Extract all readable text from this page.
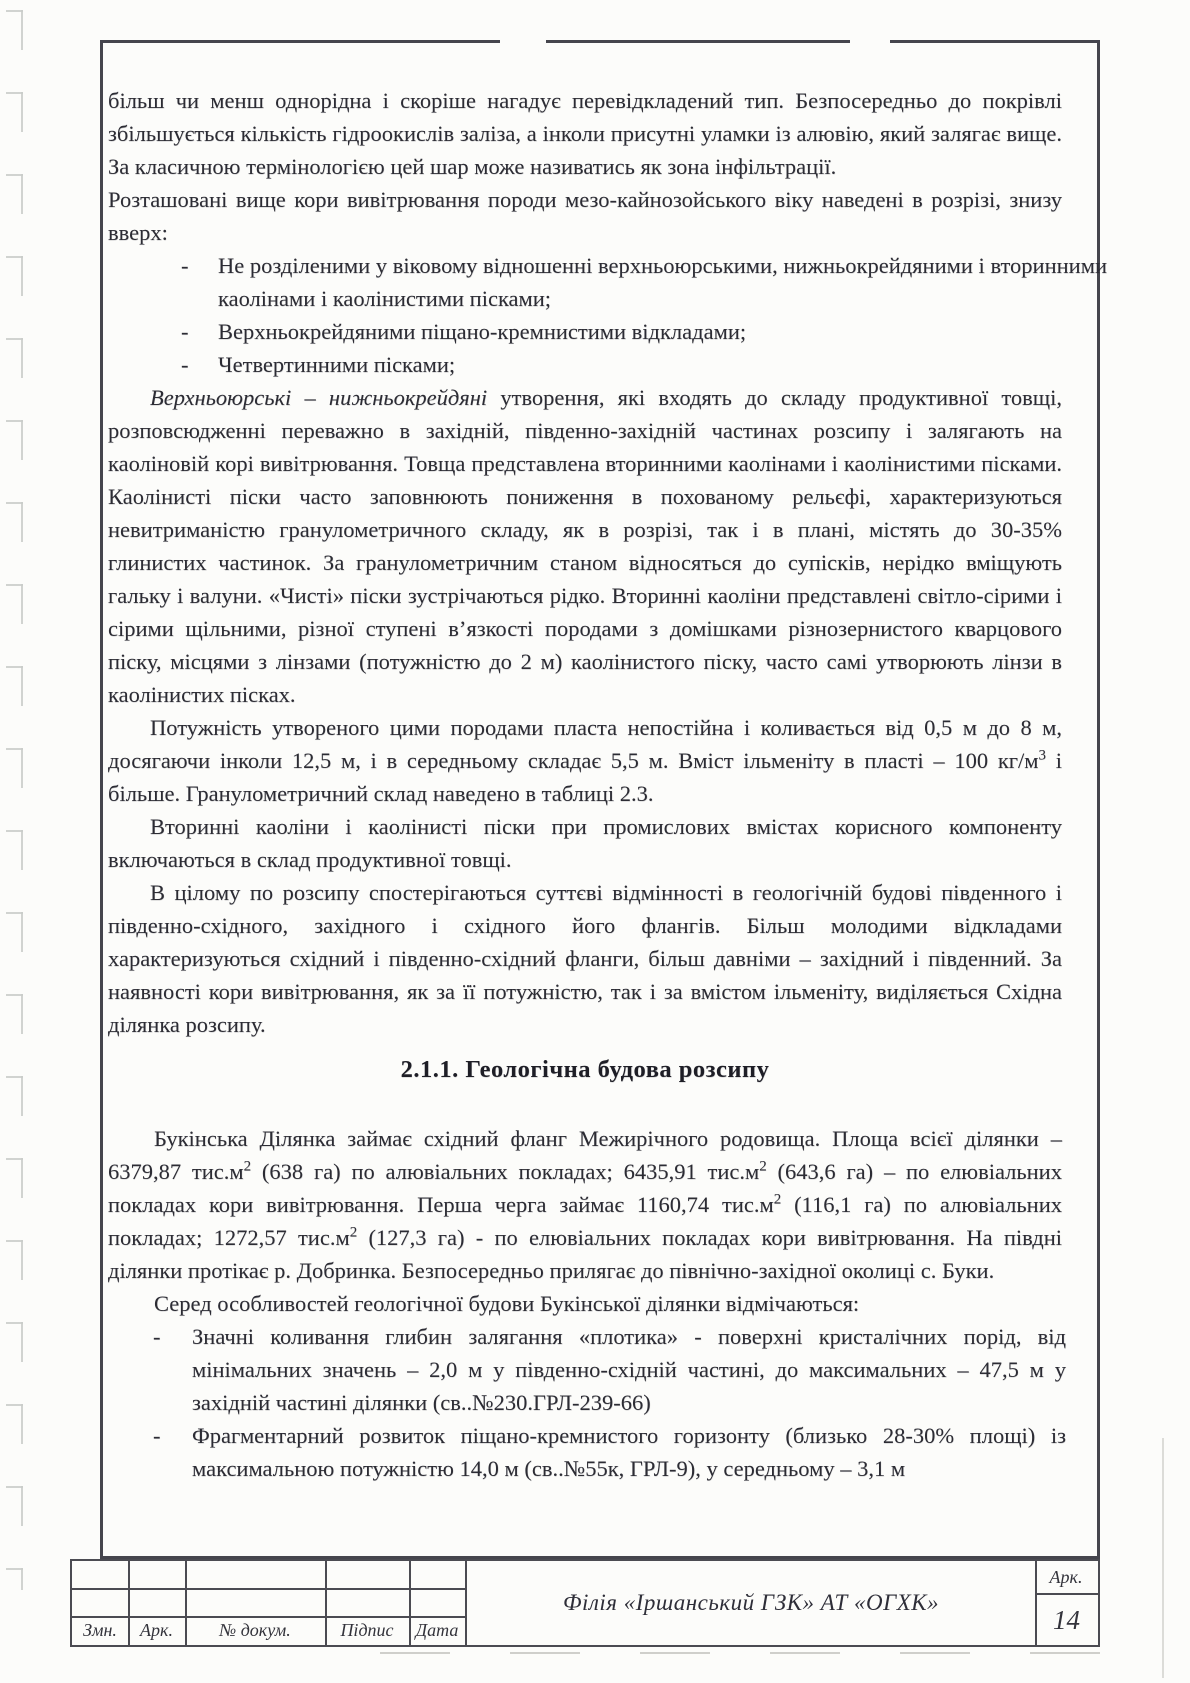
більш чи менш однорідна і скоріше нагадує перевідкладений тип. Безпосередньо до покрівлі збільшується кількість гідроокислів заліза, а інколи присутні уламки із алювію, який залягає вище. За класичною термінологією цей шар може називатись як зона інфільтрації.

Розташовані вище кори вивітрювання породи мезо-кайнозойського віку наведені в розрізі, знизу вверх:

- Не розділеними у віковому відношенні верхньоюрськими, нижньокрейдяними і вторинними каолінами і каолінистими пісками;
- Верхньокрейдяними піщано-кремнистими відкладами;
- Четвертинними пісками;

Верхньоюрські – нижньокрейдяні утворення, які входять до складу продуктивної товщі, розповсюдженні переважно в західній, південно-західній частинах розсипу і залягають на каоліновій корі вивітрювання. Товща представлена вторинними каолінами і каолінистими пісками. Каолінисті піски часто заповнюють пониження в похованому рельєфі, характеризуються невитриманістю гранулометричного складу, як в розрізі, так і в плані, містять до 30-35% глинистих частинок. За гранулометричним станом відносяться до супісків, нерідко вміщують гальку і валуни. «Чисті» піски зустрічаються рідко. Вторинні каоліни представлені світло-сірими і сірими щільними, різної ступені в’язкості породами з домішками різнозернистого кварцового піску, місцями з лінзами (потужністю до 2 м) каолінистого піску, часто самі утворюють лінзи в каолінистих пісках.

Потужність утвореного цими породами пласта непостійна і коливається від 0,5 м до 8 м, досягаючи інколи 12,5 м, і в середньому складає 5,5 м. Вміст ільменіту в пласті – 100 $кг/м^3$ і більше. Гранулометричний склад наведено в таблиці 2.3.

Вторинні каоліни і каолінисті піски при промислових вмістах корисного компоненту включаються в склад продуктивної товщі.

В цілому по розсипу спостерігаються суттєві відмінності в геологічній будові південного і південно-східного, західного і східного його флангів. Більш молодими відкладами характеризуються східний і південно-східний фланги, більш давніми – західний і південний. За наявності кори вивітрювання, як за її потужністю, так і за вмістом ільменіту, виділяється Східна ділянка розсипу.

2.1.1. Геологічна будова розсипу

Букінська Ділянка займає східний фланг Межирічного родовища. Площа всієї ділянки – 6379,87 $тис.м^2$ (638 га) по алювіальних покладах; 6435,91 $тис.м^2$ (643,6 га) – по елювіальних покладах кори вивітрювання. Перша черга займає 1160,74 $тис.м^2$ (116,1 га) по алювіальних покладах; 1272,57 $тис.м^2$ (127,3 га) - по елювіальних покладах кори вивітрювання. На півдні ділянки протікає р. Добринка. Безпосередньо прилягає до північно-західної околиці с. Буки.

Серед особливостей геологічної будови Букінської ділянки відмічаються:

- Значні коливання глибин залягання «плотика» - поверхні кристалічних порід, від мінімальних значень – 2,0 м у південно-східній частині, до максимальних – 47,5 м у західній частині ділянки (св..№230.ГРЛ-239-66)
- Фрагментарний розвиток піщано-кремнистого горизонту (близько 28-30% площі) із максимальною потужністю 14,0 м (св..№55к, ГРЛ-9), у середньому – 3,1 м
Змн.	Арк.	№ докум.	Підпис	Дата
Філія «Іршанський ГЗК» АТ «ОГХК»
Арк.
14
